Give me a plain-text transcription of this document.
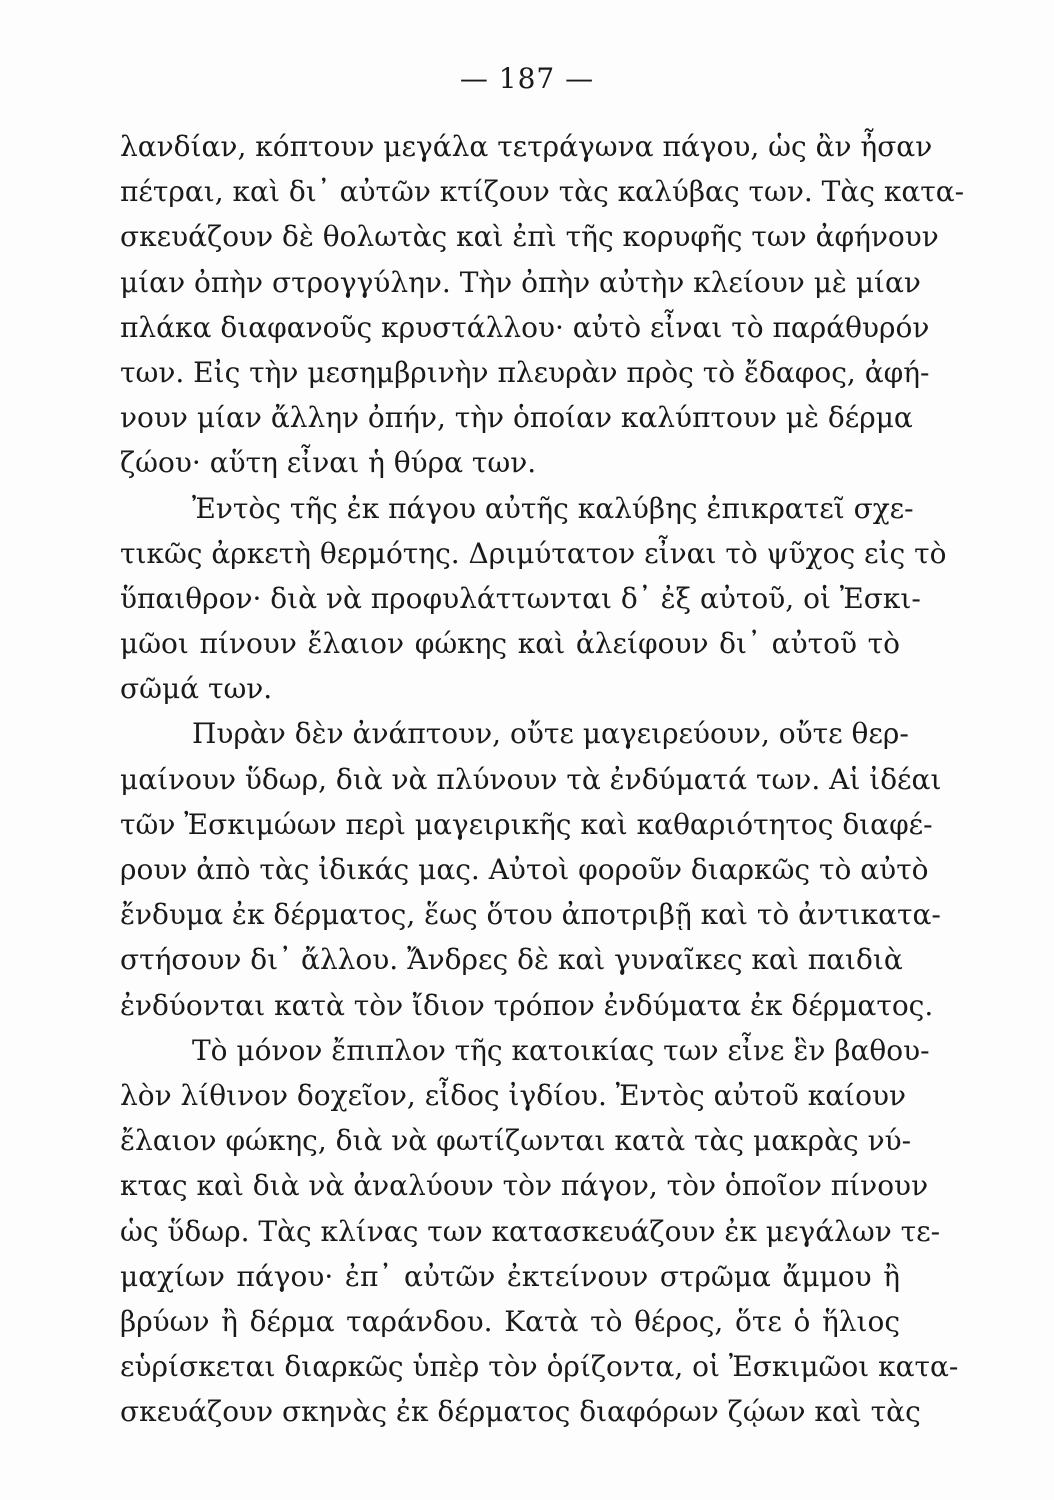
— 187 —
λανδίαν, κόπτουν μεγάλα τετράγωνα πάγου, ὡς ἂν ἦσαν
πέτραι, καὶ δι᾽ αὐτῶν κτίζουν τὰς καλύβας των. Τὰς κατα-
σκευάζουν δὲ θολωτὰς καὶ ἐπὶ τῆς κορυφῆς των ἀφήνουν
μίαν ὀπὴν στρογγύλην. Τὴν ὀπὴν αὐτὴν κλείουν μὲ μίαν
πλάκα διαφανοῦς κρυστάλλου· αὐτὸ εἶναι τὸ παράθυρόν
των. Εἰς τὴν μεσημβρινὴν πλευρὰν πρὸς τὸ ἔδαφος, ἀφή-
νουν μίαν ἄλλην ὀπήν, τὴν ὁποίαν καλύπτουν μὲ δέρμα
ζώου· αὕτη εἶναι ἡ θύρα των.
Ἐντὸς τῆς ἐκ πάγου αὐτῆς καλύβης ἐπικρατεῖ σχε-
τικῶς ἀρκετὴ θερμότης. Δριμύτατον εἶναι τὸ ψῦχος εἰς τὸ
ὕπαιθρον· διὰ νὰ προφυλάττωνται δ᾽ ἐξ αὐτοῦ, οἱ Ἐσκι-
μῶοι πίνουν ἔλαιον φώκης καὶ ἀλείφουν δι᾽ αὐτοῦ τὸ
σῶμά των.
Πυρὰν δὲν ἀνάπτουν, οὔτε μαγειρεύουν, οὔτε θερ-
μαίνουν ὕδωρ, διὰ νὰ πλύνουν τὰ ἐνδύματά των. Αἱ ἰδέαι
τῶν Ἐσκιμώων περὶ μαγειρικῆς καὶ καθαριότητος διαφέ-
ρουν ἀπὸ τὰς ἰδικάς μας. Αὐτοὶ φοροῦν διαρκῶς τὸ αὐτὸ
ἔνδυμα ἐκ δέρματος, ἕως ὅτου ἀποτριβῇ καὶ τὸ ἀντικατα-
στήσουν δι᾽ ἄλλου. Ἄνδρες δὲ καὶ γυναῖκες καὶ παιδιὰ
ἐνδύονται κατὰ τὸν ἴδιον τρόπον ἐνδύματα ἐκ δέρματος.
Τὸ μόνον ἔπιπλον τῆς κατοικίας των εἶνε ἓν βαθου-
λὸν λίθινον δοχεῖον, εἶδος ἰγδίου. Ἐντὸς αὐτοῦ καίουν
ἔλαιον φώκης, διὰ νὰ φωτίζωνται κατὰ τὰς μακρὰς νύ-
κτας καὶ διὰ νὰ ἀναλύουν τὸν πάγον, τὸν ὁποῖον πίνουν
ὡς ὕδωρ. Τὰς κλίνας των κατασκευάζουν ἐκ μεγάλων τε-
μαχίων πάγου· ἐπ᾽ αὐτῶν ἐκτείνουν στρῶμα ἄμμου ἢ
βρύων ἢ δέρμα ταράνδου. Κατὰ τὸ θέρος, ὅτε ὁ ἥλιος
εὑρίσκεται διαρκῶς ὑπὲρ τὸν ὁρίζοντα, οἱ Ἐσκιμῶοι κατα-
σκευάζουν σκηνὰς ἐκ δέρματος διαφόρων ζῴων καὶ τὰς
